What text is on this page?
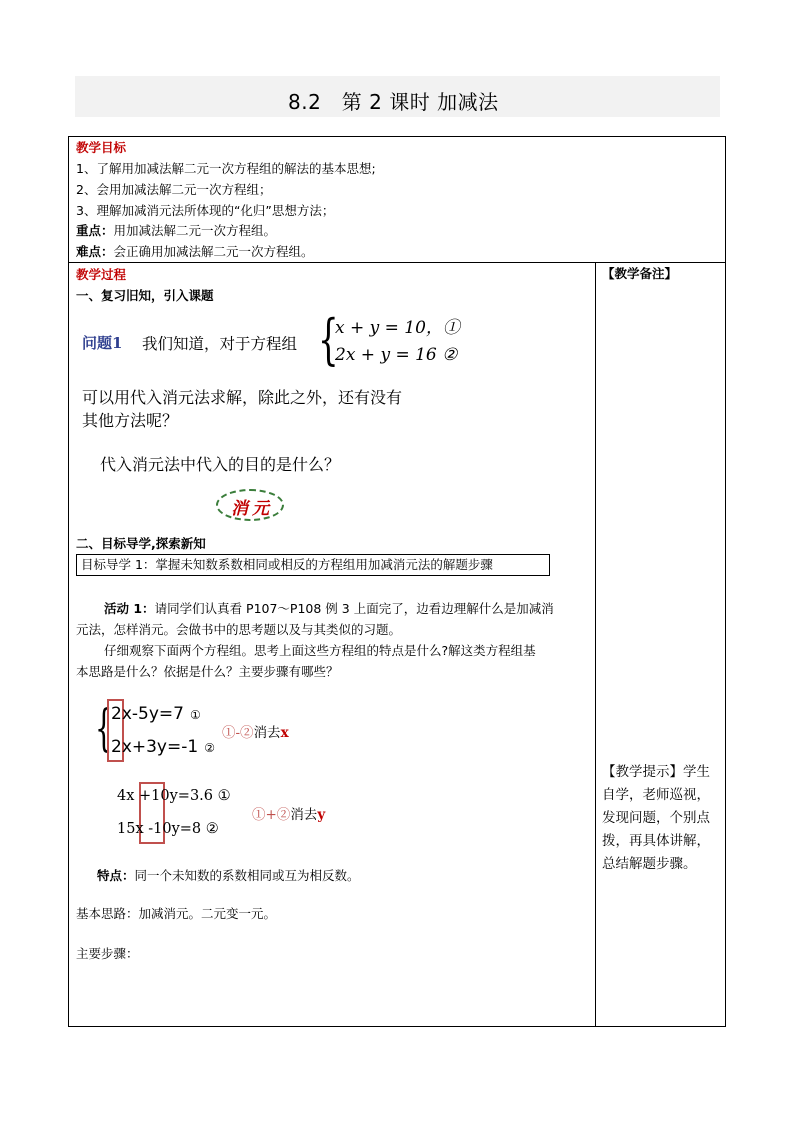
8.2　第 2 课时 加减法
教学目标
1、了解用加减法解二元一次方程组的解法的基本思想;
2、会用加减法解二元一次方程组；
3、理解加减消元法所体现的“化归”思想方法；
重点：用加减法解二元一次方程组。
难点：会正确用加减法解二元一次方程组。
【教学备注】
【教学提示】学生
自学，老师巡视，
发现问题，个别点
拨，再具体讲解，
总结解题步骤。
教学过程
一、复习旧知，引入课题
问题1 我们知道，对于方程组 {
x + y = 10，①
2x + y = 16 ②
可以用代入消元法求解，除此之外，还有没有
其他方法呢？
代入消元法中代入的目的是什么？
消元
二、目标导学,探索新知
目标导学 1：掌握未知数系数相同或相反的方程组用加减消元法的解题步骤
活动 1：请同学们认真看 P107～P108 例 3 上面完了，边看边理解什么是加减消
元法，怎样消元。会做书中的思考题以及与其类似的习题。
仔细观察下面两个方程组。思考上面这些方程组的特点是什么?解这类方程组基
本思路是什么？依据是什么？主要步骤有哪些？
{
2x-5y=7 ①
2x+3y=-1 ②
①-②消去x
4x +10y=3.6 ①
15x -10y=8 ②
①+②消去y
特点：同一个未知数的系数相同或互为相反数。
基本思路：加减消元。二元变一元。
主要步骤：
